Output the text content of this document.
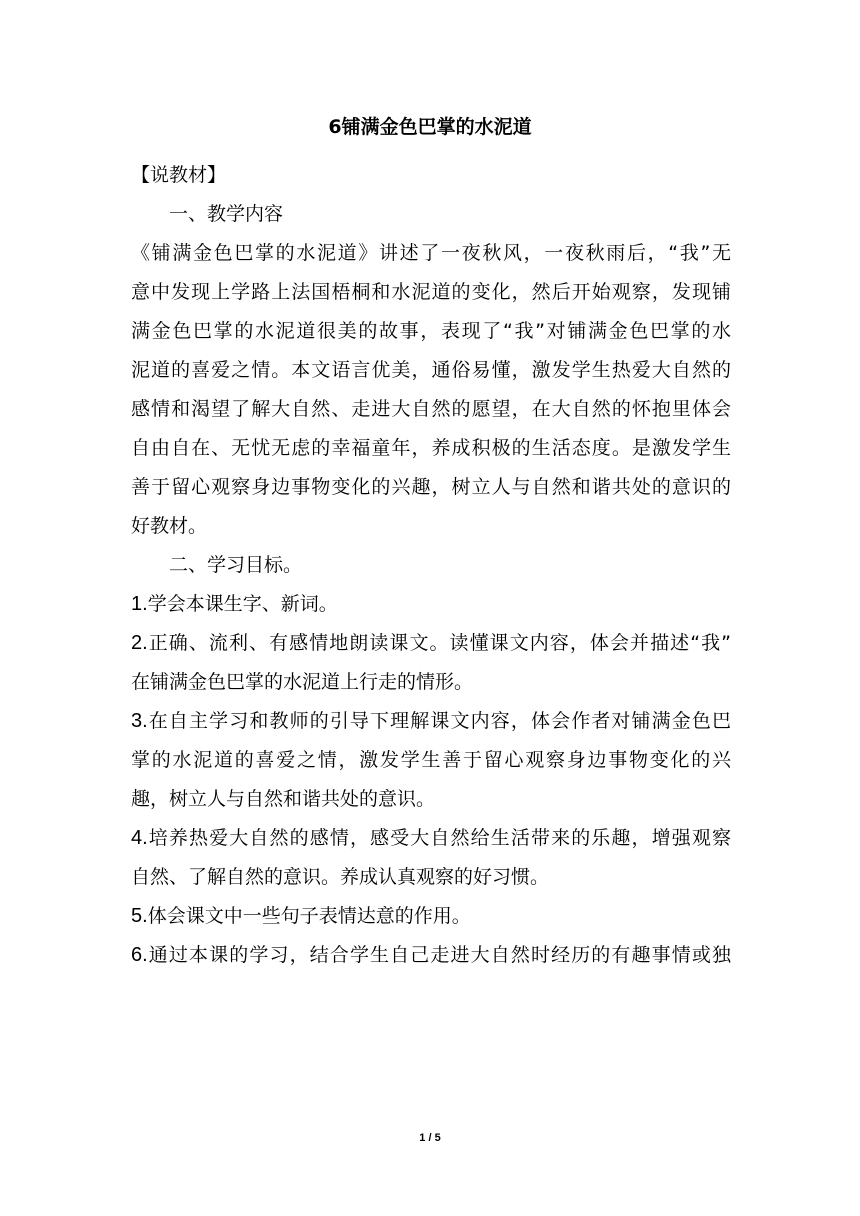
6铺满金色巴掌的水泥道

【说教材】

一、教学内容

《铺满金色巴掌的水泥道》讲述了一夜秋风，一夜秋雨后，“我”无

意中发现上学路上法国梧桐和水泥道的变化，然后开始观察，发现铺

满金色巴掌的水泥道很美的故事，表现了“我”对铺满金色巴掌的水

泥道的喜爱之情。本文语言优美，通俗易懂，激发学生热爱大自然的

感情和渴望了解大自然、走进大自然的愿望，在大自然的怀抱里体会

自由自在、无忧无虑的幸福童年，养成积极的生活态度。是激发学生

善于留心观察身边事物变化的兴趣，树立人与自然和谐共处的意识的

好教材。

二、学习目标。

1.学会本课生字、新词。

2.正确、流利、有感情地朗读课文。读懂课文内容，体会并描述“我”

在铺满金色巴掌的水泥道上行走的情形。

3.在自主学习和教师的引导下理解课文内容，体会作者对铺满金色巴

掌的水泥道的喜爱之情，激发学生善于留心观察身边事物变化的兴

趣，树立人与自然和谐共处的意识。

4.培养热爱大自然的感情，感受大自然给生活带来的乐趣，增强观察

自然、了解自然的意识。养成认真观察的好习惯。

5.体会课文中一些句子表情达意的作用。

6.通过本课的学习，结合学生自己走进大自然时经历的有趣事情或独

1 / 5
